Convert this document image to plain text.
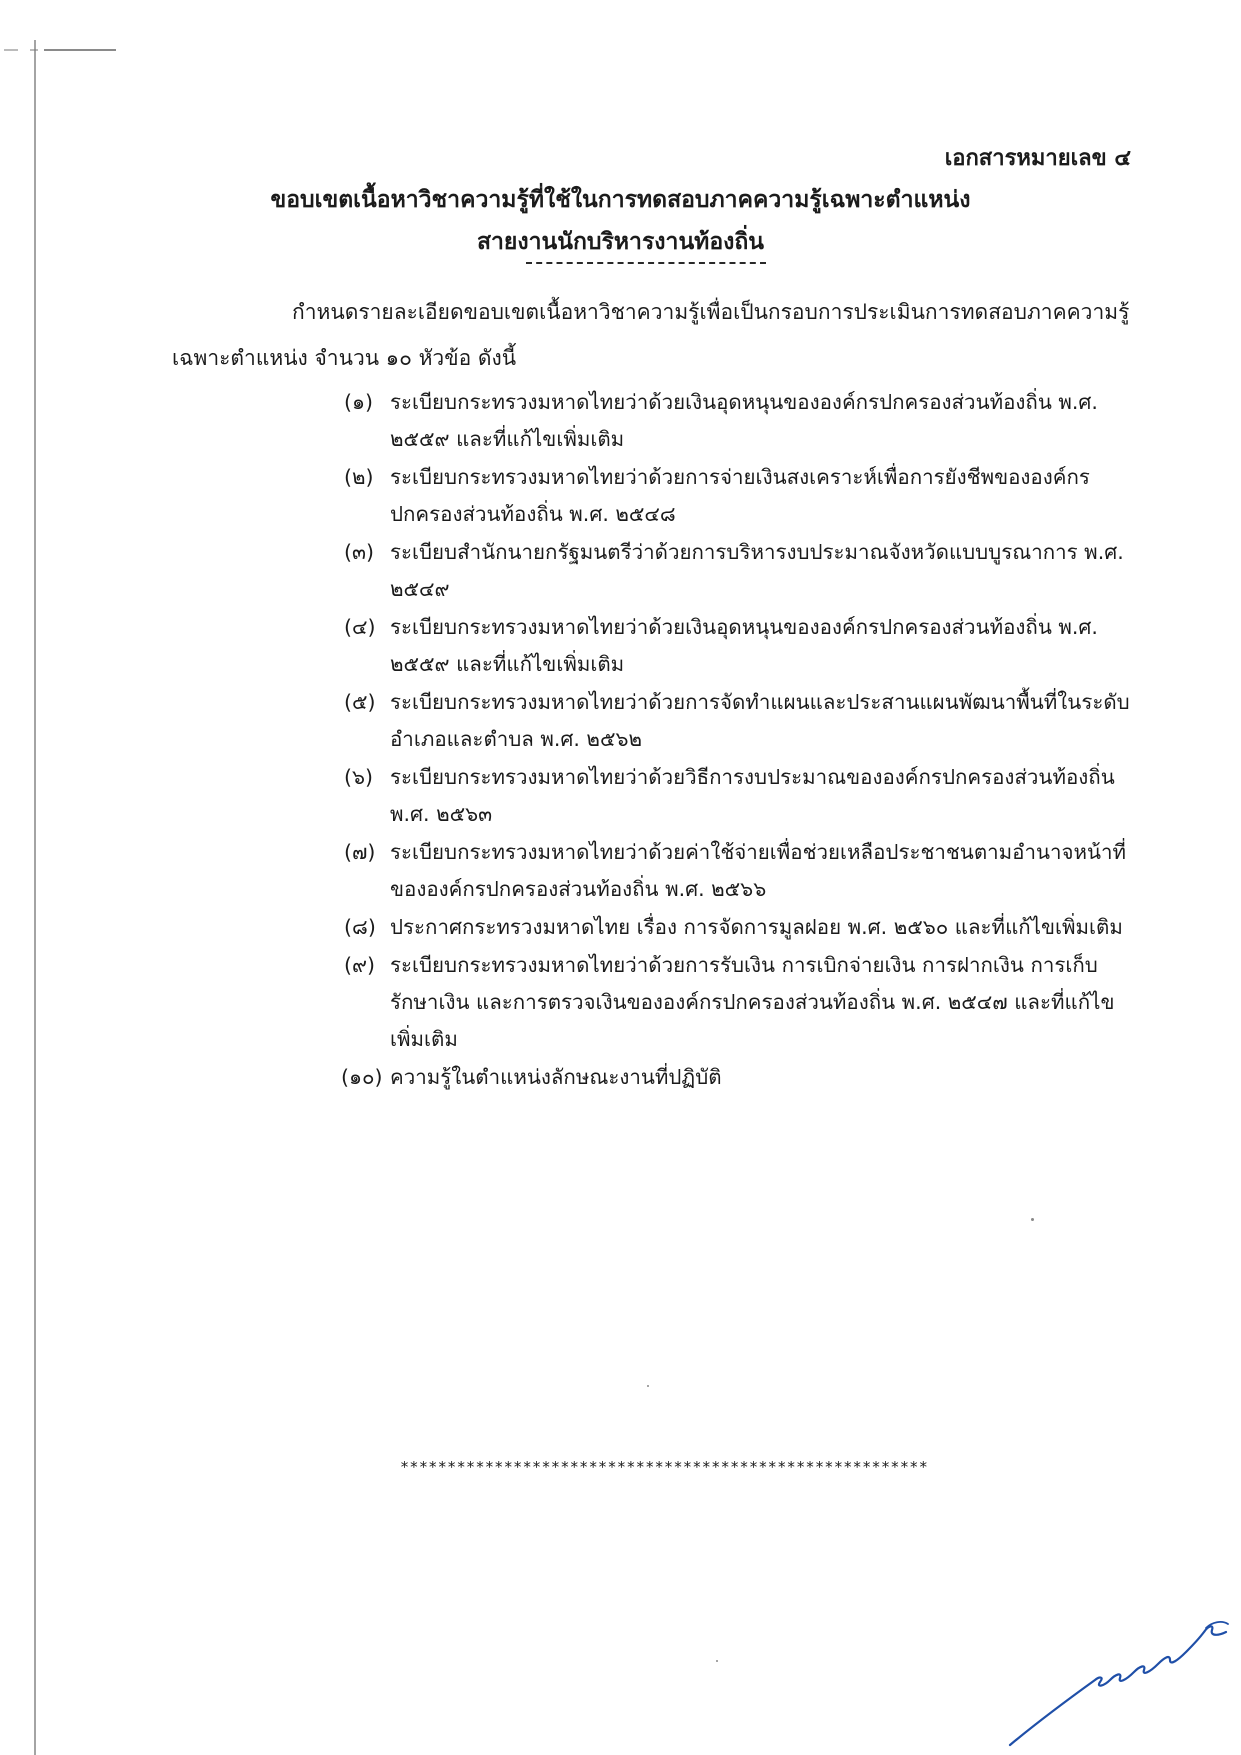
เอกสารหมายเลข ๔
ขอบเขตเนื้อหาวิชาความรู้ที่ใช้ในการทดสอบภาคความรู้เฉพาะตำแหน่ง
สายงานนักบริหารงานท้องถิ่น
กำหนดรายละเอียดขอบเขตเนื้อหาวิชาความรู้เพื่อเป็นกรอบการประเมินการทดสอบภาคความรู้
เฉพาะตำแหน่ง จำนวน ๑๐ หัวข้อ ดังนี้
(๑) ระเบียบกระทรวงมหาดไทยว่าด้วยเงินอุดหนุนขององค์กรปกครองส่วนท้องถิ่น พ.ศ. ๒๕๕๙ และที่แก้ไขเพิ่มเติม
(๒) ระเบียบกระทรวงมหาดไทยว่าด้วยการจ่ายเงินสงเคราะห์เพื่อการยังชีพขององค์กรปกครองส่วนท้องถิ่น พ.ศ. ๒๕๔๘
(๓) ระเบียบสำนักนายกรัฐมนตรีว่าด้วยการบริหารงบประมาณจังหวัดแบบบูรณาการ พ.ศ. ๒๕๔๙
(๔) ระเบียบกระทรวงมหาดไทยว่าด้วยเงินอุดหนุนขององค์กรปกครองส่วนท้องถิ่น พ.ศ. ๒๕๕๙ และที่แก้ไขเพิ่มเติม
(๕) ระเบียบกระทรวงมหาดไทยว่าด้วยการจัดทำแผนและประสานแผนพัฒนาพื้นที่ในระดับอำเภอและตำบล พ.ศ. ๒๕๖๒
(๖) ระเบียบกระทรวงมหาดไทยว่าด้วยวิธีการงบประมาณขององค์กรปกครองส่วนท้องถิ่น พ.ศ. ๒๕๖๓
(๗) ระเบียบกระทรวงมหาดไทยว่าด้วยค่าใช้จ่ายเพื่อช่วยเหลือประชาชนตามอำนาจหน้าที่ขององค์กรปกครองส่วนท้องถิ่น พ.ศ. ๒๕๖๖
(๘) ประกาศกระทรวงมหาดไทย เรื่อง การจัดการมูลฝอย พ.ศ. ๒๕๖๐ และที่แก้ไขเพิ่มเติม
(๙) ระเบียบกระทรวงมหาดไทยว่าด้วยการรับเงิน การเบิกจ่ายเงิน การฝากเงิน การเก็บรักษาเงิน และการตรวจเงินขององค์กรปกครองส่วนท้องถิ่น พ.ศ. ๒๕๔๗ และที่แก้ไขเพิ่มเติม
(๑๐) ความรู้ในตำแหน่งลักษณะงานที่ปฏิบัติ
********************************************************
